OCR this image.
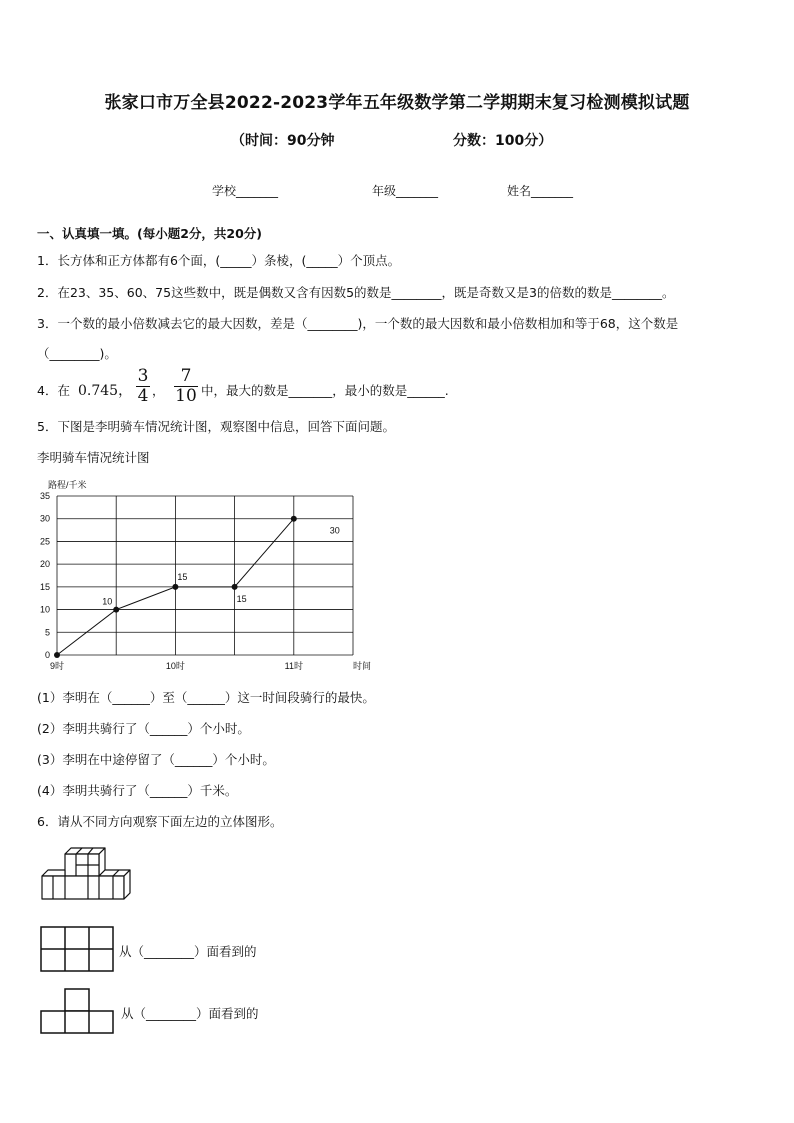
张家口市万全县2022-2023学年五年级数学第二学期期末复习检测模拟试题
（时间：90分钟	分数：100分）
学校_______	年级_______	姓名_______
一、认真填一填。(每小题2分，共20分)
1．长方体和正方体都有6个面，(_____）条棱，(_____）个顶点。
2．在23、35、60、75这些数中，既是偶数又含有因数5的数是________，既是奇数又是3的倍数的数是________。
3．一个数的最小倍数减去它的最大因数，差是（________)，一个数的最大因数和最小倍数相加和等于68，这个数是
（________)。
4．在 0.745，
3
4 ，
7
10 中，最大的数是_______，最小的数是______.
5．下图是李明骑车情况统计图，观察图中信息，回答下面问题。
李明骑车情况统计图
10
15
15
30
0
5
10
15
20
25
30
35
9时	10时	11时
路程/千米
时间
(1）李明在（______）至（______）这一时间段骑行的最快。
(2）李明共骑行了（______）个小时。
(3）李明在中途停留了（______）个小时。
(4）李明共骑行了（______）千米。
6．请从不同方向观察下面左边的立体图形。
从（________）面看到的
从（________）面看到的
